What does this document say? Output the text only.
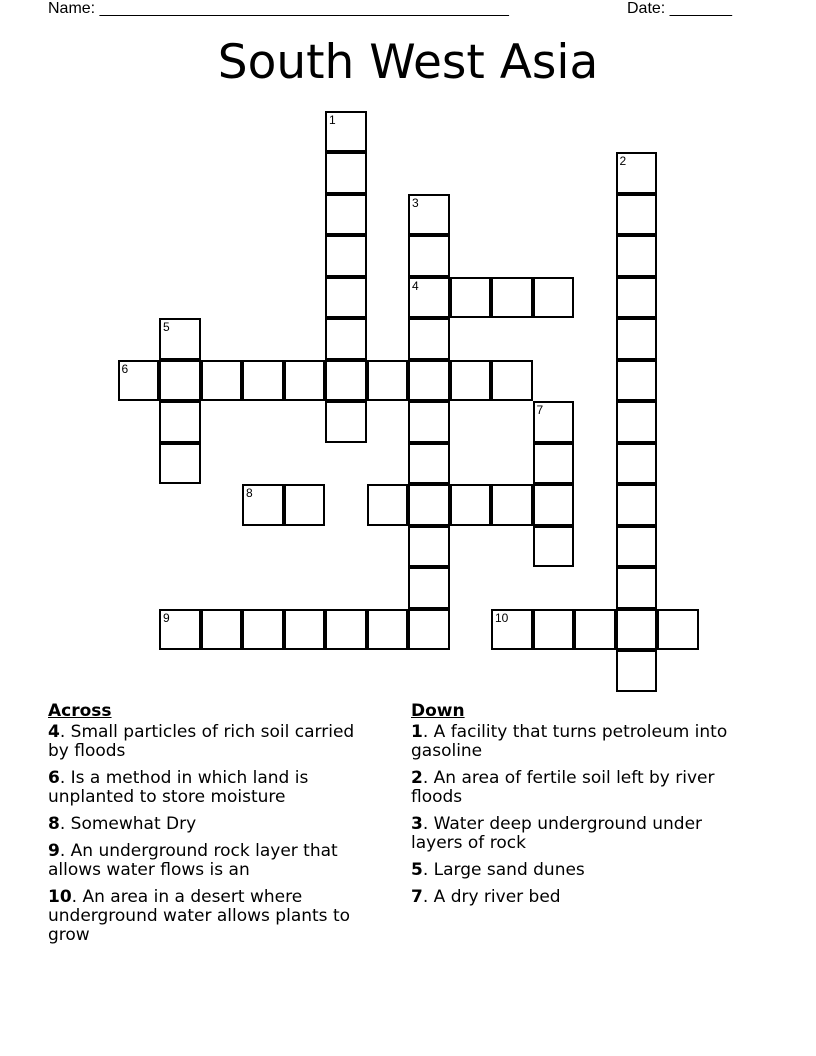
Name: ______________________________________________	Date: _______
South West Asia
1
2
3
4
5
6
7
8
9	10
Across
4. Small particles of rich soil carried by floods
6. Is a method in which land is unplanted to store moisture
8. Somewhat Dry
9. An underground rock layer that allows water flows is an
10. An area in a desert where underground water allows plants to grow
Down
1. A facility that turns petroleum into gasoline
2. An area of fertile soil left by river floods
3. Water deep underground under layers of rock
5. Large sand dunes
7. A dry river bed
